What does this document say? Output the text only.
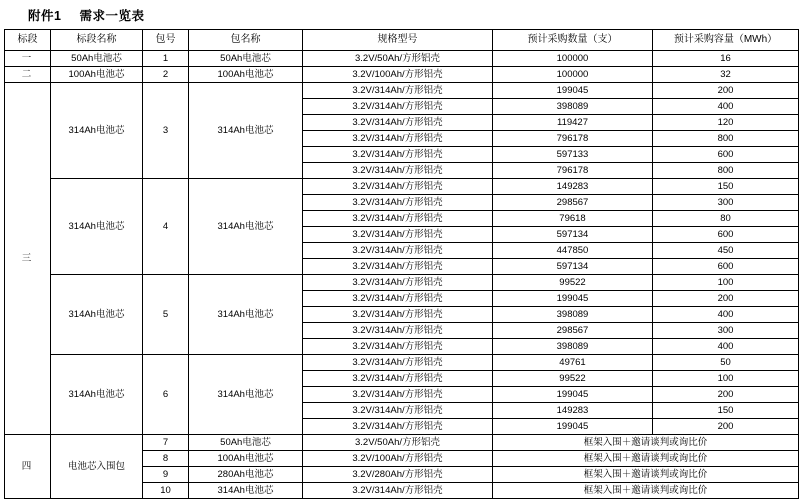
附件1 需求一览表
标段	标段名称	包号	包名称	规格型号	预计采购数量（支）	预计采购容量（MWh）
一	50Ah电池芯	1	50Ah电池芯	3.2V/50Ah/方形铝壳	100000	16
二	100Ah电池芯	2	100Ah电池芯	3.2V/100Ah/方形铝壳	100000	32
三	314Ah电池芯	3	314Ah电池芯	3.2V/314Ah/方形铝壳	199045	200
				3.2V/314Ah/方形铝壳	398089	400
				3.2V/314Ah/方形铝壳	119427	120
				3.2V/314Ah/方形铝壳	796178	800
				3.2V/314Ah/方形铝壳	597133	600
				3.2V/314Ah/方形铝壳	796178	800
	314Ah电池芯	4	314Ah电池芯	3.2V/314Ah/方形铝壳	149283	150
				3.2V/314Ah/方形铝壳	298567	300
				3.2V/314Ah/方形铝壳	79618	80
				3.2V/314Ah/方形铝壳	597134	600
				3.2V/314Ah/方形铝壳	447850	450
				3.2V/314Ah/方形铝壳	597134	600
	314Ah电池芯	5	314Ah电池芯	3.2V/314Ah/方形铝壳	99522	100
				3.2V/314Ah/方形铝壳	199045	200
				3.2V/314Ah/方形铝壳	398089	400
				3.2V/314Ah/方形铝壳	298567	300
				3.2V/314Ah/方形铝壳	398089	400
	314Ah电池芯	6	314Ah电池芯	3.2V/314Ah/方形铝壳	49761	50
				3.2V/314Ah/方形铝壳	99522	100
				3.2V/314Ah/方形铝壳	199045	200
				3.2V/314Ah/方形铝壳	149283	150
				3.2V/314Ah/方形铝壳	199045	200
四	电池芯入围包	7	50Ah电池芯	3.2V/50Ah/方形铝壳	框架入围＋邀请谈判或询比价	
		8	100Ah电池芯	3.2V/100Ah/方形铝壳	框架入围＋邀请谈判或询比价	
		9	280Ah电池芯	3.2V/280Ah/方形铝壳	框架入围＋邀请谈判或询比价	
		10	314Ah电池芯	3.2V/314Ah/方形铝壳	框架入围＋邀请谈判或询比价	
